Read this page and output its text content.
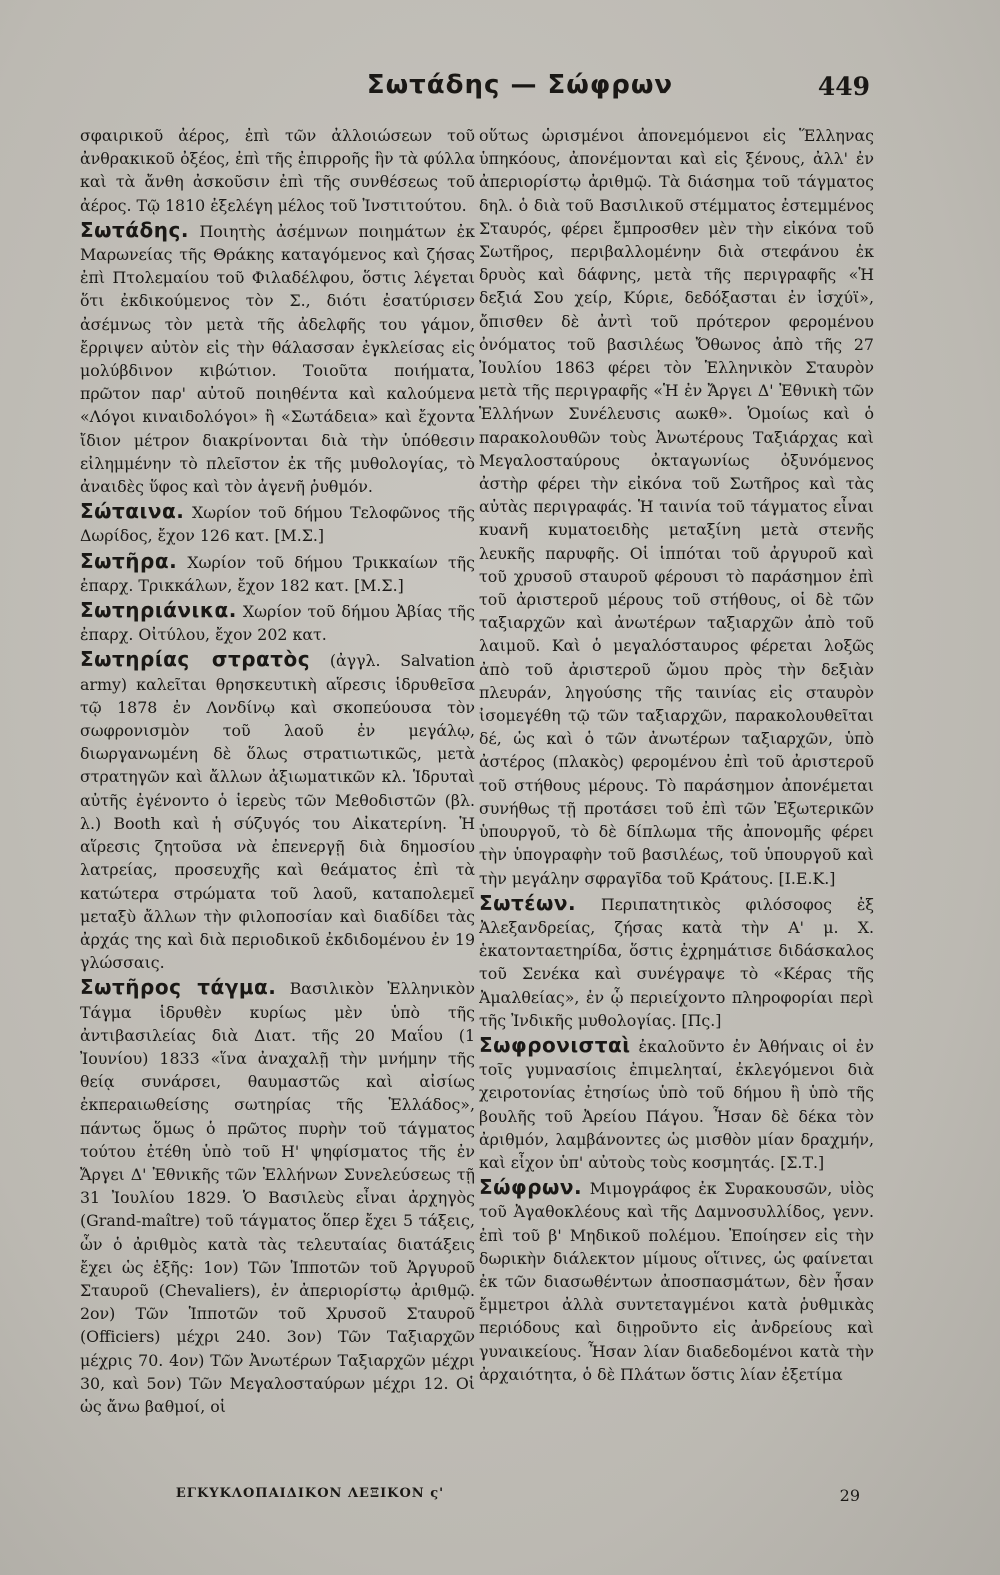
Σωτάδης — Σώφρων	449

σφαιρικοῦ ἀέρος, ἐπὶ τῶν ἀλλοιώσεων τοῦ ἀνθρακικοῦ ὀξέος, ἐπὶ τῆς ἐπιρροῆς ἣν τὰ φύλλα καὶ τὰ ἄνθη ἀσκοῦσιν ἐπὶ τῆς συνθέσεως τοῦ ἀέρος. Τῷ 1810 ἐξελέγη μέλος τοῦ Ἰνστιτούτου.

Σωτάδης. Ποιητὴς ἀσέμνων ποιημάτων ἐκ Μαρωνείας τῆς Θράκης καταγόμενος καὶ ζήσας ἐπὶ Πτολεμαίου τοῦ Φιλαδέλφου, ὅστις λέγεται ὅτι ἐκδικούμενος τὸν Σ., διότι ἐσατύρισεν ἀσέμνως τὸν μετὰ τῆς ἀδελφῆς του γάμον, ἔρριψεν αὐτὸν εἰς τὴν θάλασσαν ἐγκλείσας εἰς μολύβδινον κιβώτιον. Τοιοῦτα ποιήματα, πρῶτον παρ' αὐτοῦ ποιηθέντα καὶ καλούμενα «Λόγοι κιναιδολόγοι» ἢ «Σωτάδεια» καὶ ἔχοντα ἴδιον μέτρον διακρίνονται διὰ τὴν ὑπόθεσιν εἰλημμένην τὸ πλεῖστον ἐκ τῆς μυθολογίας, τὸ ἀναιδὲς ὕφος καὶ τὸν ἀγενῆ ῥυθμόν.

Σώταινα. Χωρίον τοῦ δήμου Τελοφῶνος τῆς Δωρίδος, ἔχον 126 κατ. [Μ.Σ.]

Σωτῆρα. Χωρίον τοῦ δήμου Τρικκαίων τῆς ἐπαρχ. Τρικκάλων, ἔχον 182 κατ. [Μ.Σ.]

Σωτηριάνικα. Χωρίον τοῦ δήμου Ἀβίας τῆς ἐπαρχ. Οἰτύλου, ἔχον 202 κατ.

Σωτηρίας στρατὸς (ἀγγλ. Salvation army) καλεῖται θρησκευτικὴ αἵρεσις ἱδρυθεῖσα τῷ 1878 ἐν Λονδίνῳ καὶ σκοπεύουσα τὸν σωφρονισμὸν τοῦ λαοῦ ἐν μεγάλῳ, διωργανωμένη δὲ ὅλως στρατιωτικῶς, μετὰ στρατηγῶν καὶ ἄλλων ἀξιωματικῶν κλ. Ἱδρυταὶ αὐτῆς ἐγένοντο ὁ ἱερεὺς τῶν Μεθοδιστῶν (βλ. λ.) Booth καὶ ἡ σύζυγός του Αἰκατερίνη. Ἡ αἵρεσις ζητοῦσα νὰ ἐπενεργῇ διὰ δημοσίου λατρείας, προσευχῆς καὶ θεάματος ἐπὶ τὰ κατώτερα στρώματα τοῦ λαοῦ, καταπολεμεῖ μεταξὺ ἄλλων τὴν φιλοποσίαν καὶ διαδίδει τὰς ἀρχάς της καὶ διὰ περιοδικοῦ ἐκδιδομένου ἐν 19 γλώσσαις.

Σωτῆρος τάγμα. Βασιλικὸν Ἑλληνικὸν Τάγμα ἱδρυθὲν κυρίως μὲν ὑπὸ τῆς ἀντιβασιλείας διὰ Διατ. τῆς 20 Μαΐου (1 Ἰουνίου) 1833 «ἵνα ἀναχαλῇ τὴν μνήμην τῆς θείᾳ συνάρσει, θαυμαστῶς καὶ αἰσίως ἐκπεραιωθείσης σωτηρίας τῆς Ἑλλάδος», πάντως ὅμως ὁ πρῶτος πυρὴν τοῦ τάγματος τούτου ἐτέθη ὑπὸ τοῦ Η' ψηφίσματος τῆς ἐν Ἄργει Δ' Ἐθνικῆς τῶν Ἑλλήνων Συνελεύσεως τῇ 31 Ἰουλίου 1829. Ὁ Βασιλεὺς εἶναι ἀρχηγὸς (Grand-maître) τοῦ τάγματος ὅπερ ἔχει 5 τάξεις, ὧν ὁ ἀριθμὸς κατὰ τὰς τελευταίας διατάξεις ἔχει ὡς ἑξῆς: 1ον) Τῶν Ἱπποτῶν τοῦ Ἀργυροῦ Σταυροῦ (Chevaliers), ἐν ἀπεριορίστῳ ἀριθμῷ. 2ον) Τῶν Ἱπποτῶν τοῦ Χρυσοῦ Σταυροῦ (Officiers) μέχρι 240. 3ον) Τῶν Ταξιαρχῶν μέχρις 70. 4ον) Τῶν Ἀνωτέρων Ταξιαρχῶν μέχρι 30, καὶ 5ον) Τῶν Μεγαλοσταύρων μέχρι 12. Οἱ ὡς ἄνω βαθμοί, οἱ

οὕτως ὡρισμένοι ἀπονεμόμενοι εἰς Ἕλληνας ὑπηκόους, ἀπονέμονται καὶ εἰς ξένους, ἀλλ' ἐν ἀπεριορίστῳ ἀριθμῷ. Τὰ διάσημα τοῦ τάγματος δηλ. ὁ διὰ τοῦ Βασιλικοῦ στέμματος ἐστεμμένος Σταυρός, φέρει ἔμπροσθεν μὲν τὴν εἰκόνα τοῦ Σωτῆρος, περιβαλλομένην διὰ στεφάνου ἐκ δρυὸς καὶ δάφνης, μετὰ τῆς περιγραφῆς «Ἡ δεξιά Σου χείρ, Κύριε, δεδόξασται ἐν ἰσχύϊ», ὄπισθεν δὲ ἀντὶ τοῦ πρότερον φερομένου ὀνόματος τοῦ βασιλέως Ὄθωνος ἀπὸ τῆς 27 Ἰουλίου 1863 φέρει τὸν Ἑλληνικὸν Σταυρὸν μετὰ τῆς περιγραφῆς «Ἡ ἐν Ἄργει Δ' Ἐθνικὴ τῶν Ἑλλήνων Συνέλευσις αωκθ». Ὁμοίως καὶ ὁ παρακολουθῶν τοὺς Ἀνωτέρους Ταξιάρχας καὶ Μεγαλοσταύρους ὀκταγωνίως ὀξυνόμενος ἀστὴρ φέρει τὴν εἰκόνα τοῦ Σωτῆρος καὶ τὰς αὐτὰς περιγραφάς. Ἡ ταινία τοῦ τάγματος εἶναι κυανῆ κυματοειδὴς μεταξίνη μετὰ στενῆς λευκῆς παρυφῆς. Οἱ ἱππόται τοῦ ἀργυροῦ καὶ τοῦ χρυσοῦ σταυροῦ φέρουσι τὸ παράσημον ἐπὶ τοῦ ἀριστεροῦ μέρους τοῦ στήθους, οἱ δὲ τῶν ταξιαρχῶν καὶ ἀνωτέρων ταξιαρχῶν ἀπὸ τοῦ λαιμοῦ. Καὶ ὁ μεγαλόσταυρος φέρεται λοξῶς ἀπὸ τοῦ ἀριστεροῦ ὤμου πρὸς τὴν δεξιὰν πλευράν, ληγούσης τῆς ταινίας εἰς σταυρὸν ἰσομεγέθη τῷ τῶν ταξιαρχῶν, παρακολουθεῖται δέ, ὡς καὶ ὁ τῶν ἀνωτέρων ταξιαρχῶν, ὑπὸ ἀστέρος (πλακὸς) φερομένου ἐπὶ τοῦ ἀριστεροῦ τοῦ στήθους μέρους. Τὸ παράσημον ἀπονέμεται συνήθως τῇ προτάσει τοῦ ἐπὶ τῶν Ἐξωτερικῶν ὑπουργοῦ, τὸ δὲ δίπλωμα τῆς ἀπονομῆς φέρει τὴν ὑπογραφὴν τοῦ βασιλέως, τοῦ ὑπουργοῦ καὶ τὴν μεγάλην σφραγῖδα τοῦ Κράτους. [Ι.Ε.Κ.]

Σωτέων. Περιπατητικὸς φιλόσοφος ἐξ Ἀλεξανδρείας, ζήσας κατὰ τὴν Α' μ. Χ. ἑκατονταετηρίδα, ὅστις ἐχρημάτισε διδάσκαλος τοῦ Σενέκα καὶ συνέγραψε τὸ «Κέρας τῆς Ἀμαλθείας», ἐν ᾧ περιείχοντο πληροφορίαι περὶ τῆς Ἰνδικῆς μυθολογίας. [Πς.]

Σωφρονισταὶ ἐκαλοῦντο ἐν Ἀθήναις οἱ ἐν τοῖς γυμνασίοις ἐπιμεληταί, ἐκλεγόμενοι διὰ χειροτονίας ἐτησίως ὑπὸ τοῦ δήμου ἢ ὑπὸ τῆς βουλῆς τοῦ Ἀρείου Πάγου. Ἦσαν δὲ δέκα τὸν ἀριθμόν, λαμβάνοντες ὡς μισθὸν μίαν δραχμήν, καὶ εἶχον ὑπ' αὐτοὺς τοὺς κοσμητάς. [Σ.Τ.]

Σώφρων. Μιμογράφος ἐκ Συρακουσῶν, υἱὸς τοῦ Ἀγαθοκλέους καὶ τῆς Δαμνοσυλλίδος, γενν. ἐπὶ τοῦ β' Μηδικοῦ πολέμου. Ἐποίησεν εἰς τὴν δωρικὴν διάλεκτον μίμους οἵτινες, ὡς φαίνεται ἐκ τῶν διασωθέντων ἀποσπασμάτων, δὲν ἦσαν ἔμμετροι ἀλλὰ συντεταγμένοι κατὰ ῥυθμικὰς περιόδους καὶ διῃροῦντο εἰς ἀνδρείους καὶ γυναικείους. Ἦσαν λίαν διαδεδομένοι κατὰ τὴν ἀρχαιότητα, ὁ δὲ Πλάτων ὅστις λίαν ἐξετίμα

ΕΓΚΥΚΛΟΠΑΙΔΙΚΟΝ ΛΕΞΙΚΟΝ ς'	29
